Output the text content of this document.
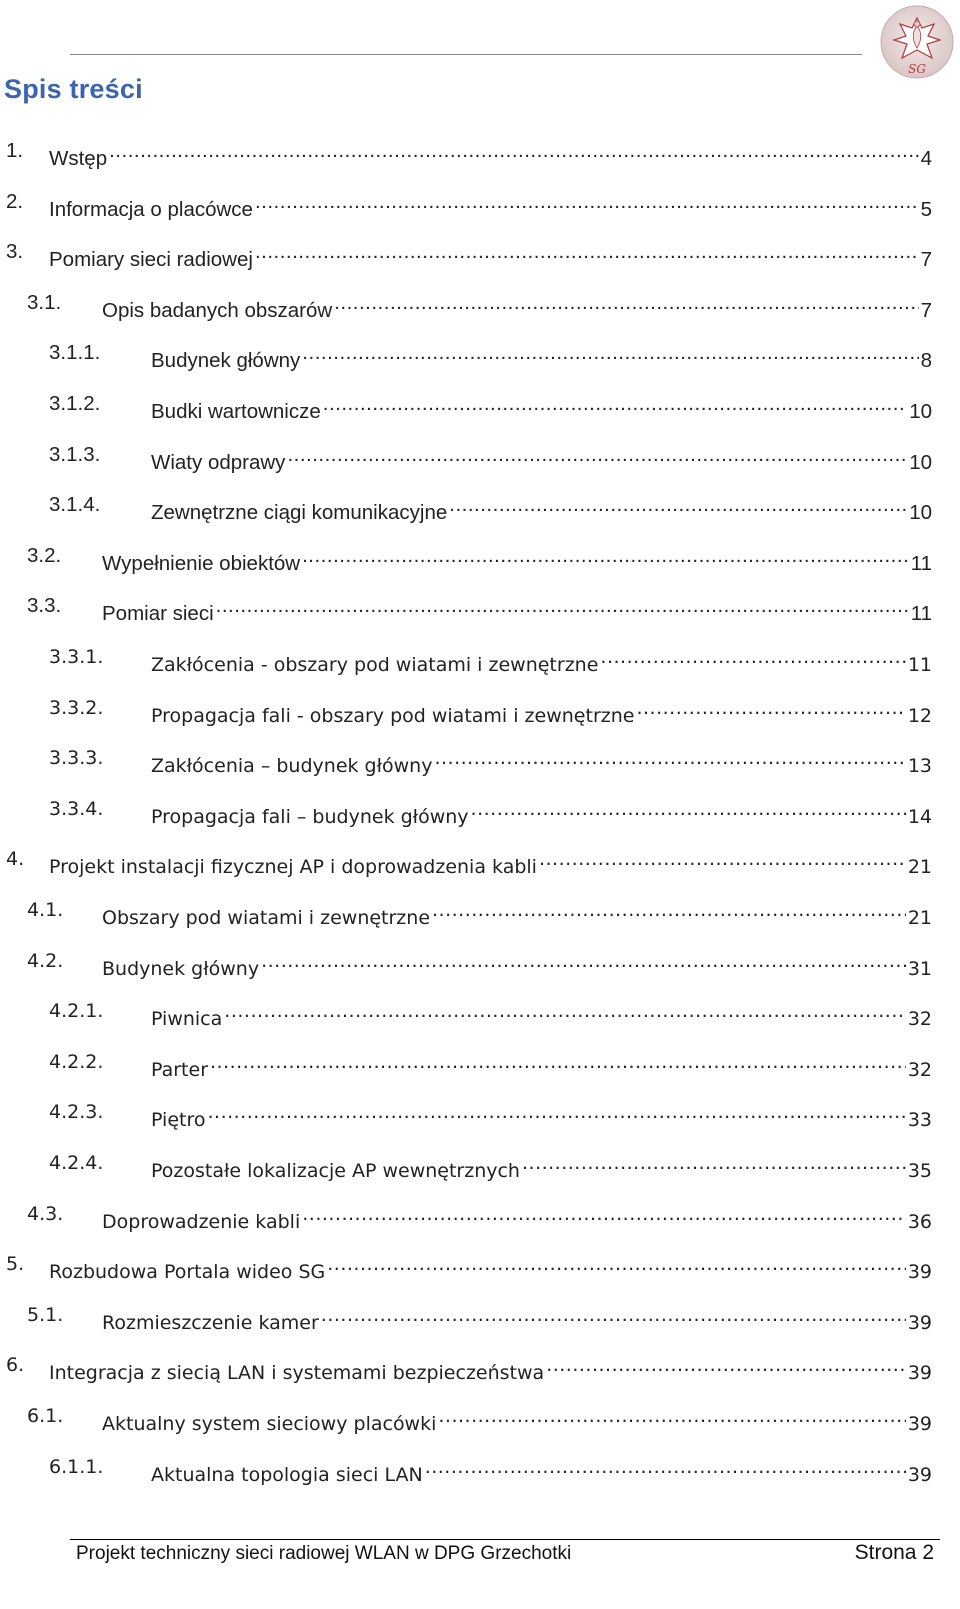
SG
Spis treści
1. Wstęp .....	4
2. Informacja o placówce .....	5
3. Pomiary sieci radiowej .....	7
3.1. Opis badanych obszarów .....	7
3.1.1. Budynek główny .....	8
3.1.2. Budki wartownicze .....	10
3.1.3. Wiaty odprawy .....	10
3.1.4. Zewnętrzne ciągi komunikacyjne .....	10
3.2. Wypełnienie obiektów .....	11
3.3. Pomiar sieci .....	11
3.3.1.	Zakłócenia - obszary pod wiatami i zewnętrzne .....	11
3.3.2.	Propagacja fali - obszary pod wiatami i zewnętrzne .....	12
3.3.3.	Zakłócenia – budynek główny .....	13
3.3.4.	Propagacja fali – budynek główny .....	14
4. Projekt instalacji fizycznej AP i doprowadzenia kabli .....	21
4.1. Obszary pod wiatami i zewnętrzne .....	21
4.2. Budynek główny .....	31
4.2.1.	Piwnica .....	32
4.2.2.	Parter .....	32
4.2.3.	Piętro .....	33
4.2.4.	Pozostałe lokalizacje AP wewnętrznych .....	35
4.3. Doprowadzenie kabli .....	36
5. Rozbudowa Portala wideo SG .....	39
5.1. Rozmieszczenie kamer .....	39
6. Integracja z siecią LAN i systemami bezpieczeństwa .....	39
6.1. Aktualny system sieciowy placówki .....	39
6.1.1.	Aktualna topologia sieci LAN .....	39
Projekt techniczny sieci radiowej WLAN w DPG Grzechotki	Strona 2
